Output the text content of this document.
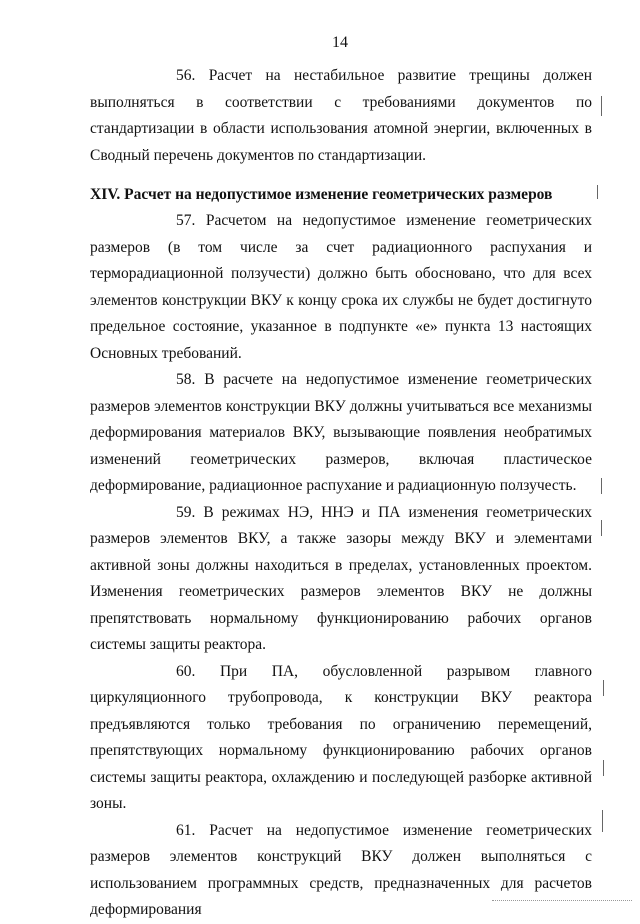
14

56. Расчет на нестабильное развитие трещины должен выполняться в соответствии с требованиями документов по стандартизации в области использования атомной энергии, включенных в Сводный перечень документов по стандартизации.

XIV. Расчет на недопустимое изменение геометрических размеров

57. Расчетом на недопустимое изменение геометрических размеров (в том числе за счет радиационного распухания и терморадиационной ползучести) должно быть обосновано, что для всех элементов конструкции ВКУ к концу срока их службы не будет достигнуто предельное состояние, указанное в подпункте «е» пункта 13 настоящих Основных требований.

58. В расчете на недопустимое изменение геометрических размеров элементов конструкции ВКУ должны учитываться все механизмы деформирования материалов ВКУ, вызывающие появления необратимых изменений геометрических размеров, включая пластическое деформирование, радиационное распухание и радиационную ползучесть.

59. В режимах НЭ, ННЭ и ПА изменения геометрических размеров элементов ВКУ, а также зазоры между ВКУ и элементами активной зоны должны находиться в пределах, установленных проектом. Изменения геометрических размеров элементов ВКУ не должны препятствовать нормальному функционированию рабочих органов системы защиты реактора.

60. При ПА, обусловленной разрывом главного циркуляционного трубопровода, к конструкции ВКУ реактора предъявляются только требования по ограничению перемещений, препятствующих нормальному функционированию рабочих органов системы защиты реактора, охлаждению и последующей разборке активной зоны.

61. Расчет на недопустимое изменение геометрических размеров элементов конструкций ВКУ должен выполняться с использованием программных средств, предназначенных для расчетов деформирования
